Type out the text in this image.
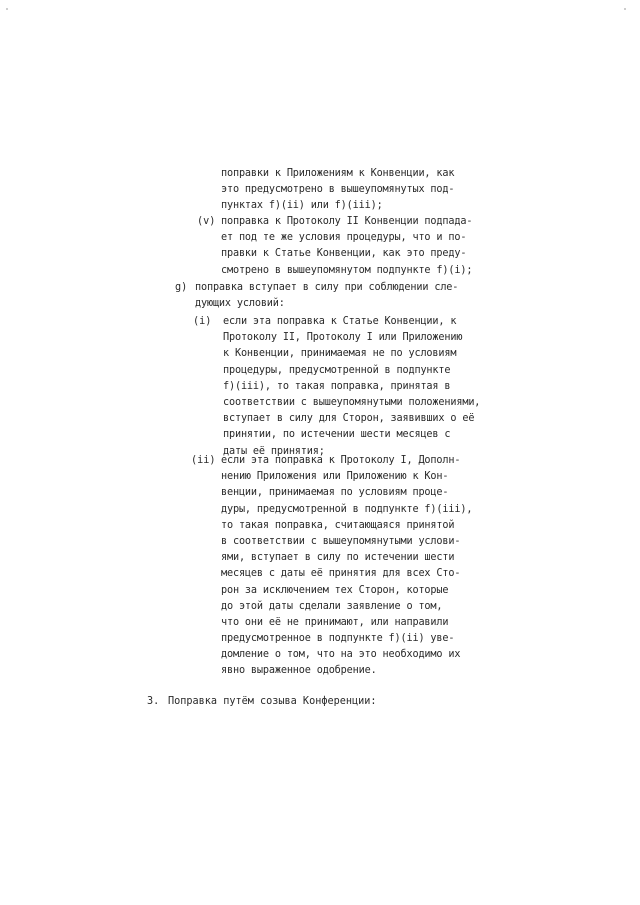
поправки к Приложениям к Конвенции, как
это предусмотрено в вышеупомянутых под-
пунктах f)(ii) или f)(iii);
(v) поправка к Протоколу II Конвенции подпада-
ет под те же условия процедуры, что и по-
правки к Статье Конвенции, как это преду-
смотрено в вышеупомянутом подпункте f)(i);
g) поправка вступает в силу при соблюдении сле-
дующих условий:
(i) если эта поправка к Статье Конвенции, к
Протоколу II, Протоколу I или Приложению
к Конвенции, принимаемая не по условиям
процедуры, предусмотренной в подпункте
f)(iii), то такая поправка, принятая в
соответствии с вышеупомянутыми положениями,
вступает в силу для Сторон, заявивших о её
принятии, по истечении шести месяцев с
даты её принятия;
(ii) если эта поправка к Протоколу I, Дополн-
нению Приложения или Приложению к Кон-
венции, принимаемая по условиям проце-
дуры, предусмотренной в подпункте f)(iii),
то такая поправка, считающаяся принятой
в соответствии с вышеупомянутыми услови-
ями, вступает в силу по истечении шести
месяцев с даты её принятия для всех Сто-
рон за исключением тех Сторон, которые
до этой даты сделали заявление о том,
что они её не принимают, или направили
предусмотренное в подпункте f)(ii) уве-
домление о том, что на это необходимо их
явно выраженное одобрение.
3. Поправка путём созыва Конференции:
